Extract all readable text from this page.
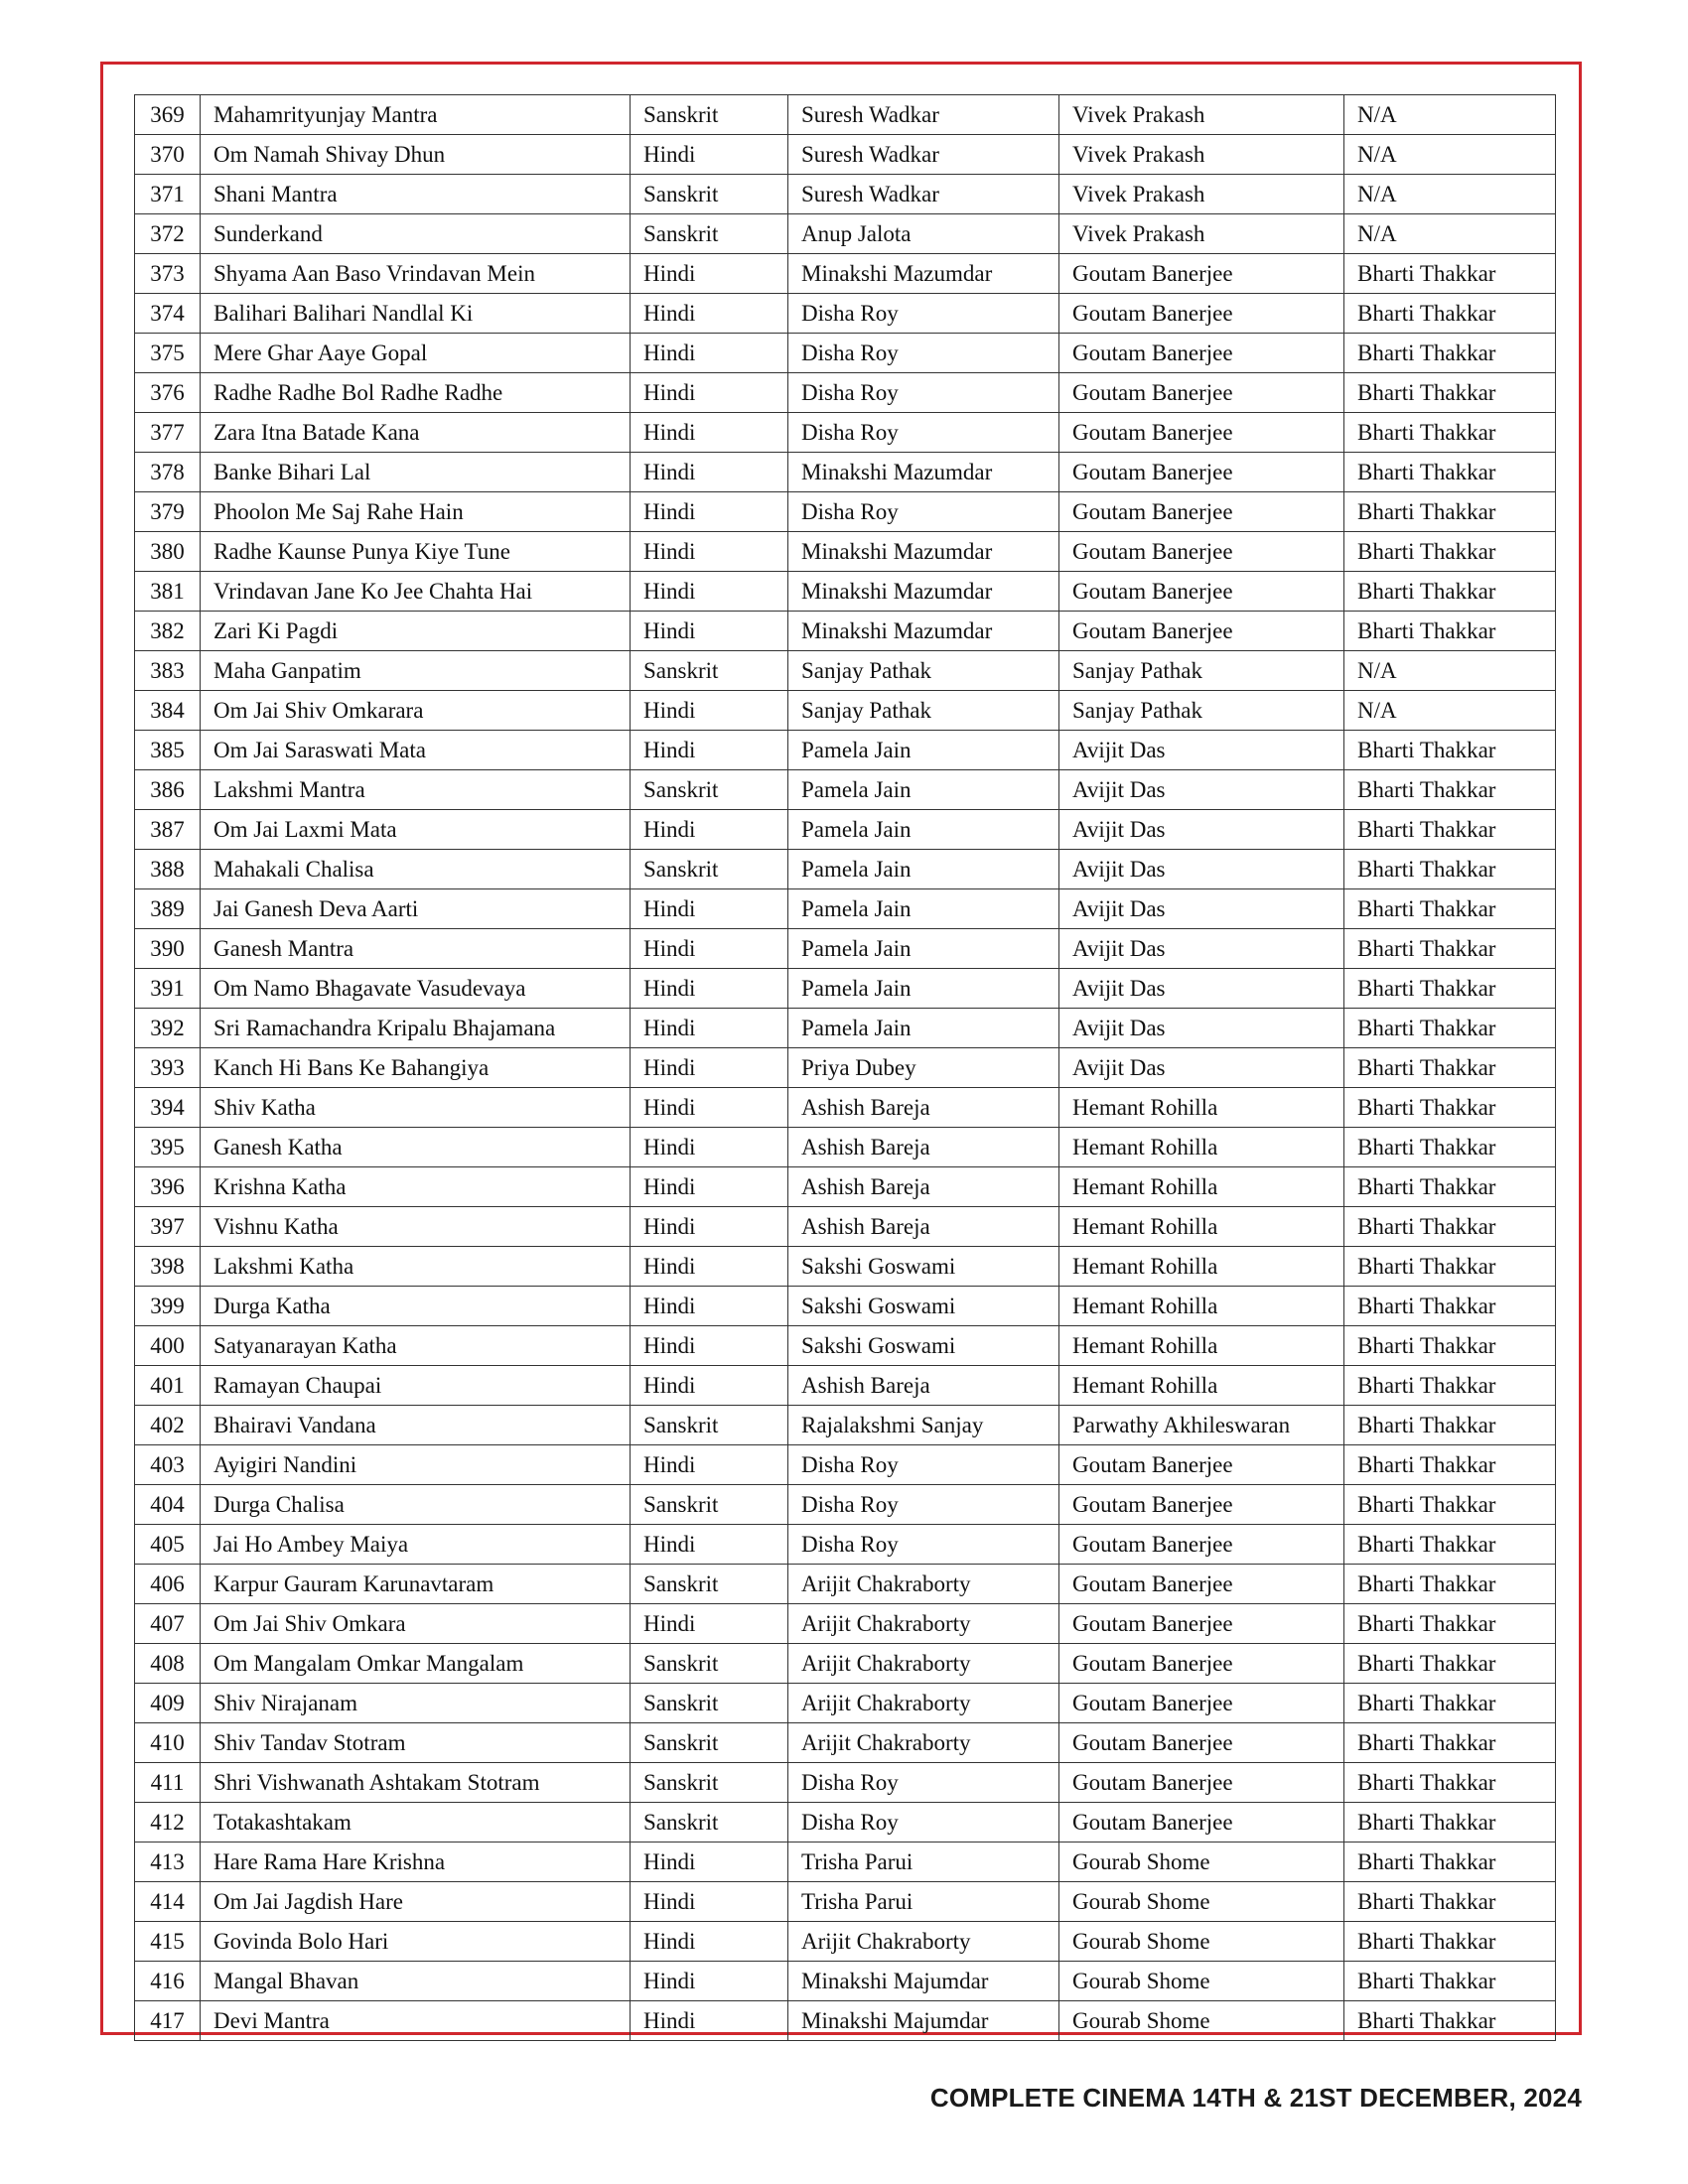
369	Mahamrityunjay Mantra	Sanskrit	Suresh Wadkar	Vivek Prakash	N/A
370	Om Namah Shivay Dhun	Hindi	Suresh Wadkar	Vivek Prakash	N/A
371	Shani Mantra	Sanskrit	Suresh Wadkar	Vivek Prakash	N/A
372	Sunderkand	Sanskrit	Anup Jalota	Vivek Prakash	N/A
373	Shyama Aan Baso Vrindavan Mein	Hindi	Minakshi Mazumdar	Goutam Banerjee	Bharti Thakkar
374	Balihari Balihari Nandlal Ki	Hindi	Disha Roy	Goutam Banerjee	Bharti Thakkar
375	Mere Ghar Aaye Gopal	Hindi	Disha Roy	Goutam Banerjee	Bharti Thakkar
376	Radhe Radhe Bol Radhe Radhe	Hindi	Disha Roy	Goutam Banerjee	Bharti Thakkar
377	Zara Itna Batade Kana	Hindi	Disha Roy	Goutam Banerjee	Bharti Thakkar
378	Banke Bihari Lal	Hindi	Minakshi Mazumdar	Goutam Banerjee	Bharti Thakkar
379	Phoolon Me Saj Rahe Hain	Hindi	Disha Roy	Goutam Banerjee	Bharti Thakkar
380	Radhe Kaunse Punya Kiye Tune	Hindi	Minakshi Mazumdar	Goutam Banerjee	Bharti Thakkar
381	Vrindavan Jane Ko Jee Chahta Hai	Hindi	Minakshi Mazumdar	Goutam Banerjee	Bharti Thakkar
382	Zari Ki Pagdi	Hindi	Minakshi Mazumdar	Goutam Banerjee	Bharti Thakkar
383	Maha Ganpatim	Sanskrit	Sanjay Pathak	Sanjay Pathak	N/A
384	Om Jai Shiv Omkarara	Hindi	Sanjay Pathak	Sanjay Pathak	N/A
385	Om Jai Saraswati Mata	Hindi	Pamela Jain	Avijit Das	Bharti Thakkar
386	Lakshmi Mantra	Sanskrit	Pamela Jain	Avijit Das	Bharti Thakkar
387	Om Jai Laxmi Mata	Hindi	Pamela Jain	Avijit Das	Bharti Thakkar
388	Mahakali Chalisa	Sanskrit	Pamela Jain	Avijit Das	Bharti Thakkar
389	Jai Ganesh Deva Aarti	Hindi	Pamela Jain	Avijit Das	Bharti Thakkar
390	Ganesh Mantra	Hindi	Pamela Jain	Avijit Das	Bharti Thakkar
391	Om Namo Bhagavate Vasudevaya	Hindi	Pamela Jain	Avijit Das	Bharti Thakkar
392	Sri Ramachandra Kripalu Bhajamana	Hindi	Pamela Jain	Avijit Das	Bharti Thakkar
393	Kanch Hi Bans Ke Bahangiya	Hindi	Priya Dubey	Avijit Das	Bharti Thakkar
394	Shiv Katha	Hindi	Ashish Bareja	Hemant Rohilla	Bharti Thakkar
395	Ganesh Katha	Hindi	Ashish Bareja	Hemant Rohilla	Bharti Thakkar
396	Krishna Katha	Hindi	Ashish Bareja	Hemant Rohilla	Bharti Thakkar
397	Vishnu Katha	Hindi	Ashish Bareja	Hemant Rohilla	Bharti Thakkar
398	Lakshmi Katha	Hindi	Sakshi Goswami	Hemant Rohilla	Bharti Thakkar
399	Durga Katha	Hindi	Sakshi Goswami	Hemant Rohilla	Bharti Thakkar
400	Satyanarayan Katha	Hindi	Sakshi Goswami	Hemant Rohilla	Bharti Thakkar
401	Ramayan Chaupai	Hindi	Ashish Bareja	Hemant Rohilla	Bharti Thakkar
402	Bhairavi Vandana	Sanskrit	Rajalakshmi Sanjay	Parwathy Akhileswaran	Bharti Thakkar
403	Ayigiri Nandini	Hindi	Disha Roy	Goutam Banerjee	Bharti Thakkar
404	Durga Chalisa	Sanskrit	Disha Roy	Goutam Banerjee	Bharti Thakkar
405	Jai Ho Ambey Maiya	Hindi	Disha Roy	Goutam Banerjee	Bharti Thakkar
406	Karpur Gauram Karunavtaram	Sanskrit	Arijit Chakraborty	Goutam Banerjee	Bharti Thakkar
407	Om Jai Shiv Omkara	Hindi	Arijit Chakraborty	Goutam Banerjee	Bharti Thakkar
408	Om Mangalam Omkar Mangalam	Sanskrit	Arijit Chakraborty	Goutam Banerjee	Bharti Thakkar
409	Shiv Nirajanam	Sanskrit	Arijit Chakraborty	Goutam Banerjee	Bharti Thakkar
410	Shiv Tandav Stotram	Sanskrit	Arijit Chakraborty	Goutam Banerjee	Bharti Thakkar
411	Shri Vishwanath Ashtakam Stotram	Sanskrit	Disha Roy	Goutam Banerjee	Bharti Thakkar
412	Totakashtakam	Sanskrit	Disha Roy	Goutam Banerjee	Bharti Thakkar
413	Hare Rama Hare Krishna	Hindi	Trisha Parui	Gourab Shome	Bharti Thakkar
414	Om Jai Jagdish Hare	Hindi	Trisha Parui	Gourab Shome	Bharti Thakkar
415	Govinda Bolo Hari	Hindi	Arijit Chakraborty	Gourab Shome	Bharti Thakkar
416	Mangal Bhavan	Hindi	Minakshi Majumdar	Gourab Shome	Bharti Thakkar
417	Devi Mantra	Hindi	Minakshi Majumdar	Gourab Shome	Bharti Thakkar
COMPLETE CINEMA 14TH & 21ST DECEMBER, 2024
